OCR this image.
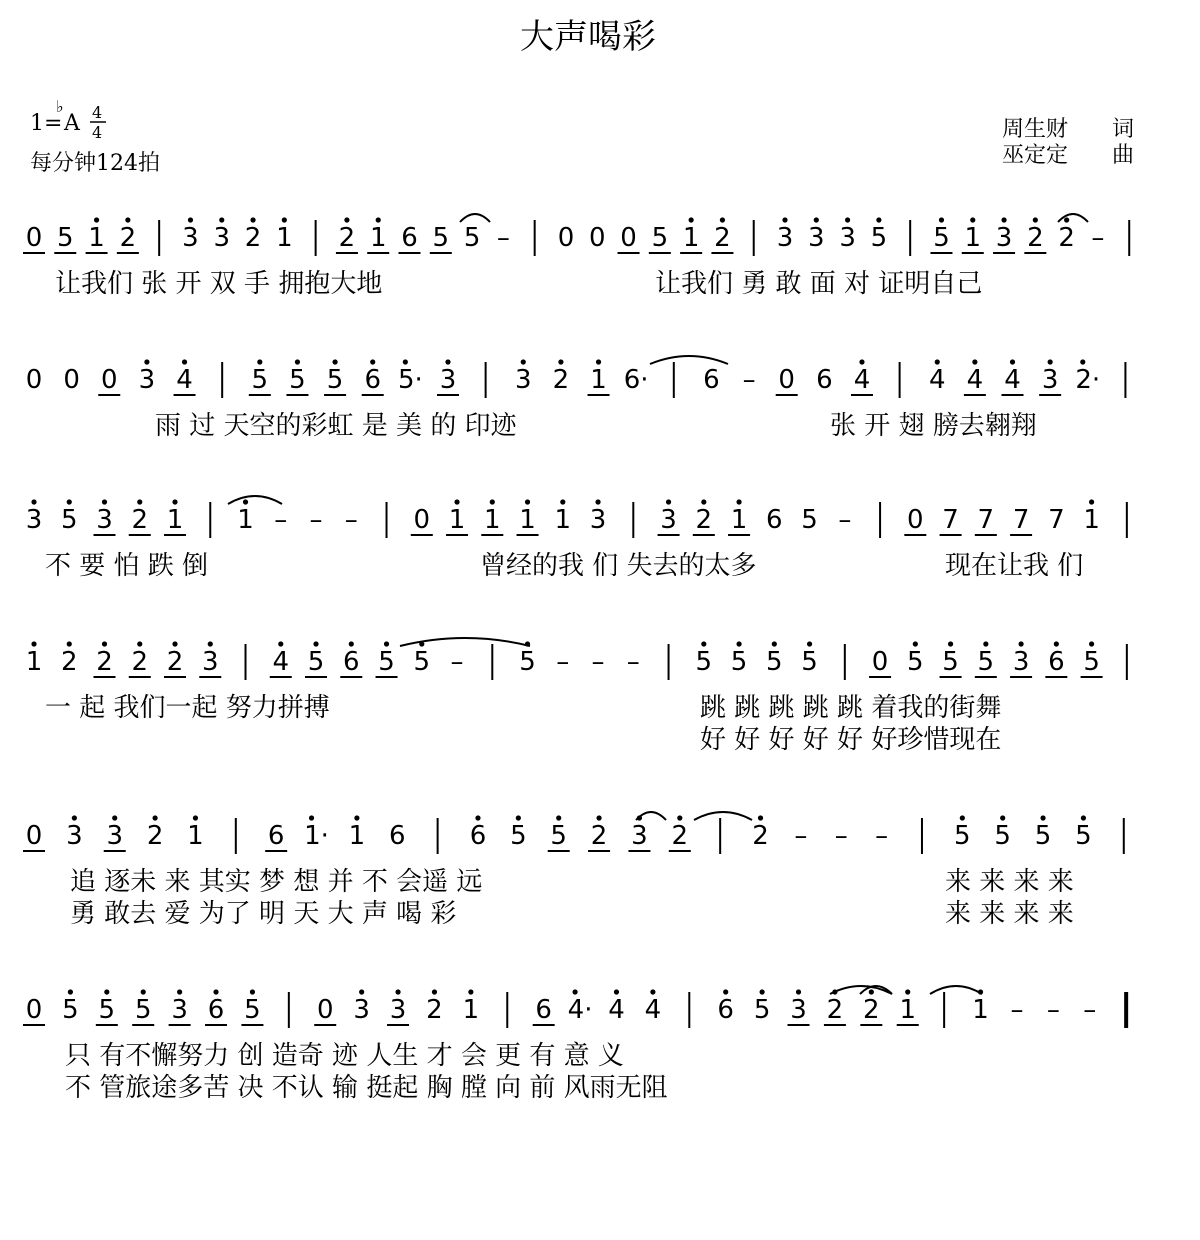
大声喝彩
1=
♭
A 4
4
每分钟124拍
周生财 词
巫定定 曲
0 5 1 2 3 3 2 1 2 1 6 5 5 – 0 0 0 5 1 2 3 3 3 5 5 1 3 2 2 –
让我们 张 开 双 手 拥抱大地	让我们 勇 敢 面 对 证明自己
0 0 0 3 4 5 5 5 6 5· 3 3 2 1 6· 6 – 0 6 4 4 4 4 3 2·
雨 过 天空的彩虹 是 美 的 印迹	张 开 翅 膀去翱翔
3 5 3 2 1 1 – – – 0 1 1 1 1 3 3 2 1 6 5 – 0 7 7 7 7 1
不 要 怕 跌 倒	曾经的我 们 失去的太多	现在让我 们
1 2 2 2 2 3 4 5 6 5 5 – 5 – – – 5 5 5 5 0 5 5 5 3 6 5
一 起 我们一起 努力拼搏	跳 跳 跳 跳 跳 着我的街舞
好 好 好 好 好 好珍惜现在
0 3 3 2 1 6 1· 1 6 6 5 5 2 3 2 2 – – –	5 5 5 5
追 逐未 来 其实 梦 想 并 不 会遥 远
勇 敢去 爱 为了 明 天 大 声 喝 彩
来 来 来 来
来 来 来 来
0 5 5 5 3 6 5 0 3 3 2 1 6 4· 4 4 6 5 3 2 2 1 1 – – –
只 有不懈努力 创 造奇 迹 人生 才 会 更 有 意 义
不 管旅途多苦 决 不认 输 挺起 胸 膛 向 前 风雨无阻
